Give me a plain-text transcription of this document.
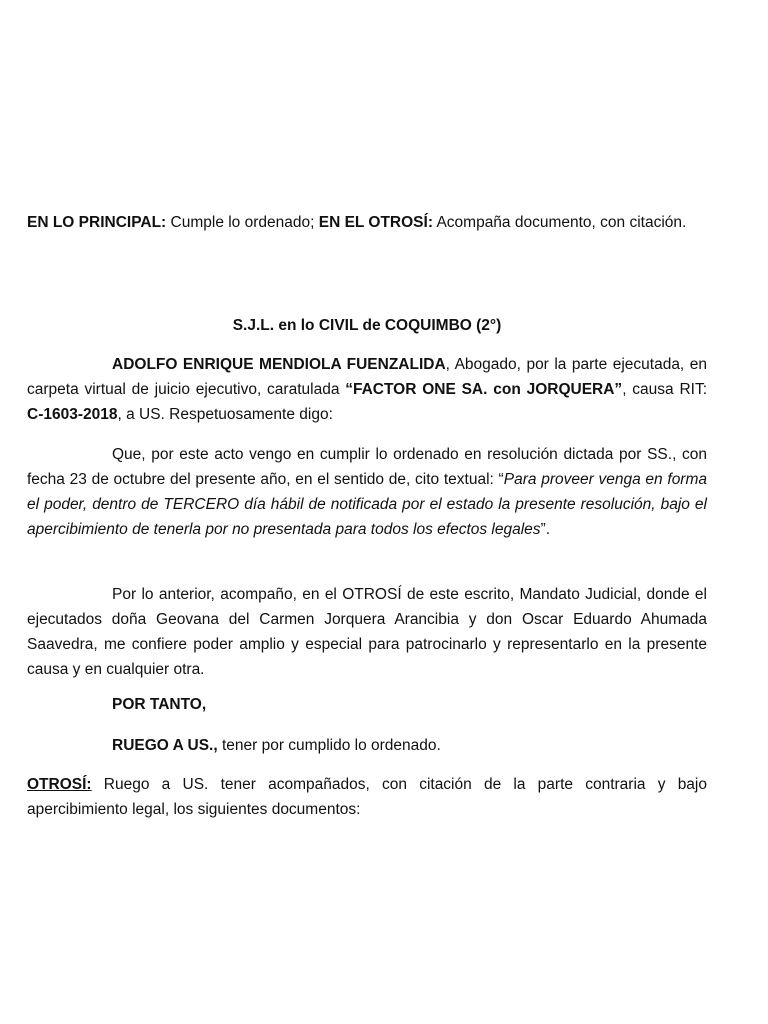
EN LO PRINCIPAL: Cumple lo ordenado; EN EL OTROSÍ: Acompaña documento, con citación.

S.J.L. en lo CIVIL de COQUIMBO (2°)

ADOLFO ENRIQUE MENDIOLA FUENZALIDA, Abogado, por la parte ejecutada, en carpeta virtual de juicio ejecutivo, caratulada “FACTOR ONE SA. con JORQUERA”, causa RIT: C-1603-2018, a US. Respetuosamente digo:

Que, por este acto vengo en cumplir lo ordenado en resolución dictada por SS., con fecha 23 de octubre del presente año, en el sentido de, cito textual: “Para proveer venga en forma el poder, dentro de TERCERO día hábil de notificada por el estado la presente resolución, bajo el apercibimiento de tenerla por no presentada para todos los efectos legales”.

Por lo anterior, acompaño, en el OTROSÍ de este escrito, Mandato Judicial, donde el ejecutados doña Geovana del Carmen Jorquera Arancibia y don Oscar Eduardo Ahumada Saavedra, me confiere poder amplio y especial para patrocinarlo y representarlo en la presente causa y en cualquier otra.

POR TANTO,

RUEGO A US., tener por cumplido lo ordenado.

OTROSÍ: Ruego a US. tener acompañados, con citación de la parte contraria y bajo apercibimiento legal, los siguientes documentos:
